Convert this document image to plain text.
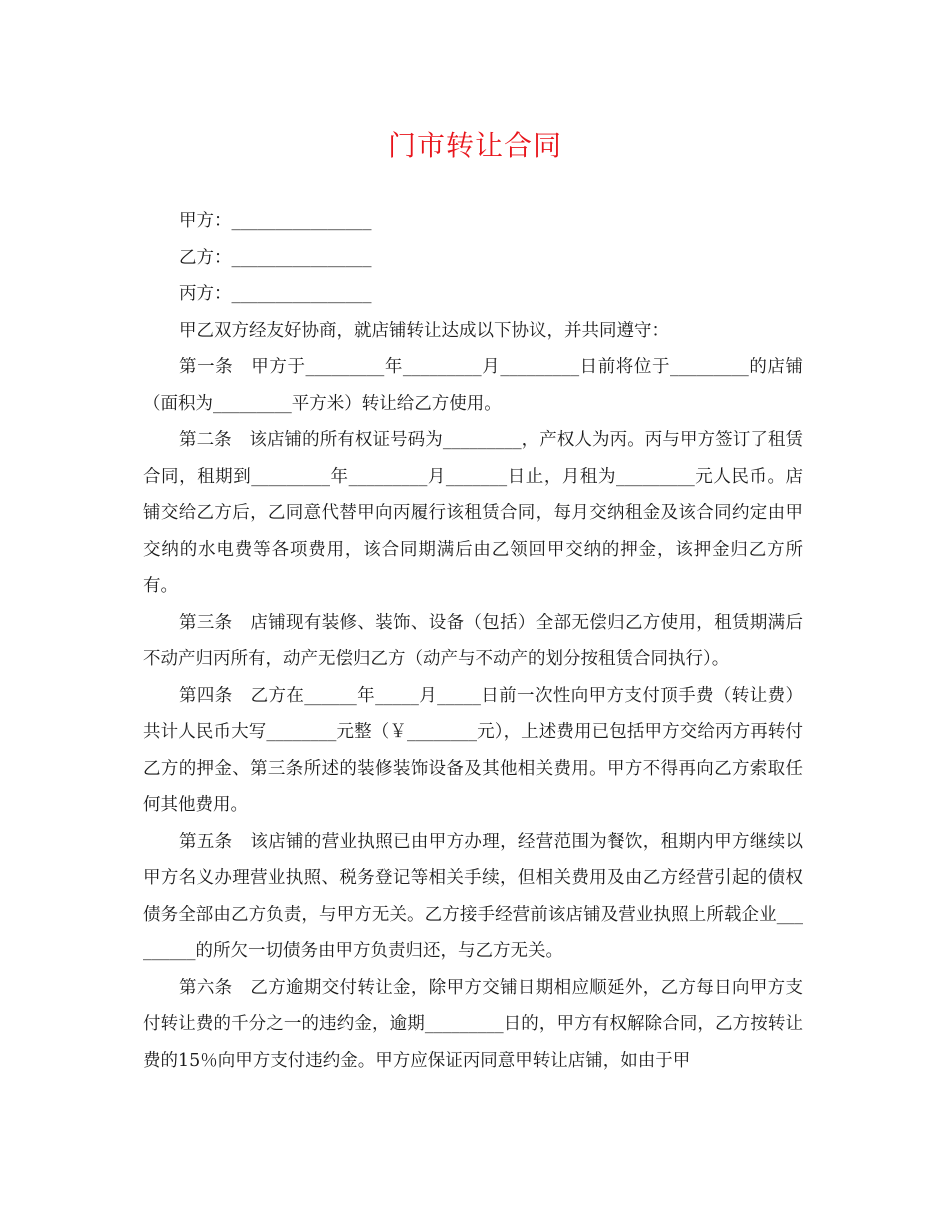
门市转让合同

甲方：________________

乙方：________________

丙方：________________

甲乙双方经友好协商，就店铺转让达成以下协议，并共同遵守：

第一条　甲方于_________年_________月_________日前将位于_________的店铺（面积为_________平方米）转让给乙方使用。

第二条　该店铺的所有权证号码为_________，产权人为丙。丙与甲方签订了租赁合同，租期到_________年_________月_______日止，月租为_________元人民币。店铺交给乙方后，乙同意代替甲向丙履行该租赁合同，每月交纳租金及该合同约定由甲交纳的水电费等各项费用，该合同期满后由乙领回甲交纳的押金，该押金归乙方所有。

第三条　店铺现有装修、装饰、设备（包括）全部无偿归乙方使用，租赁期满后不动产归丙所有，动产无偿归乙方（动产与不动产的划分按租赁合同执行）。

第四条　乙方在______年_____月_____日前一次性向甲方支付顶手费（转让费）共计人民币大写________元整（￥________元），上述费用已包括甲方交给丙方再转付乙方的押金、第三条所述的装修装饰设备及其他相关费用。甲方不得再向乙方索取任何其他费用。

第五条　该店铺的营业执照已由甲方办理，经营范围为餐饮，租期内甲方继续以甲方名义办理营业执照、税务登记等相关手续，但相关费用及由乙方经营引起的债权债务全部由乙方负责，与甲方无关。乙方接手经营前该店铺及营业执照上所载企业_________的所欠一切债务由甲方负责归还，与乙方无关。

第六条　乙方逾期交付转让金，除甲方交铺日期相应顺延外，乙方每日向甲方支付转让费的千分之一的违约金，逾期_________日的，甲方有权解除合同，乙方按转让费的15％向甲方支付违约金。甲方应保证丙同意甲转让店铺，如由于甲
